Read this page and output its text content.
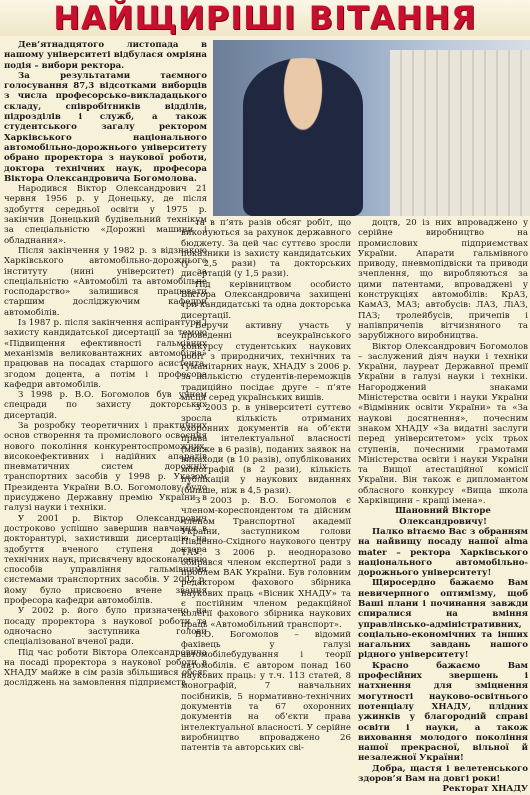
НАЙЩИРІШІ ВІТАННЯ

Дев’ятнадцятого листопада в нашому університеті відбулася омріяна подія – вибори ректора.

За результатами таємного голосування 87,3 відсотками виборців з числа професорсько-викладацького складу, співробітників відділів, підрозділів і служб, а також студентського загалу ректором Харківського національного автомобільно-дорожнього університету обрано проректора з наукової роботи, доктора технічних наук, професора Віктора Олександровича Богомолова.

Народився Віктор Олександрович 21 червня 1956 р. у Донецьку, де після здобуття середньої освіти у 1975 р. закінчив Донецький будівельний технікум за спеціальністю «Дорожні машини і обладнання».

Після закінчення у 1982 р. з відзнакою Харківського автомобільно-дорожнього інституту (нині університет) за спеціальністю «Автомобілі та автомобільне господарство» залишився працювати старшим досліджуючим кафедри автомобілів.

Із 1987 р. після закінчення аспірантури і захисту кандидатської дисертації за темою «Підвищення ефективності гальмівних механізмів великовантажних автомобілів» працював на посадах старшого асистента, згодом доцента, а потім і професора кафедри автомобілів.

З 1998 р. В.О. Богомолов був учнем спецради по захисту докторських дисертацій.

За розробку теоретичних і практичних основ створення та промислового освоєння нового покоління конкурентоспроможних, високоефективних і надійних апаратів пневматичних систем дорожніх транспортних засобів у 1998 р. Указом Президента України В.О. Богомолову було присуджено Державну премію України в галузі науки і техніки.

У 2001 р. Віктор Олександрович достроково успішно завершив навчання в докторантурі, захистивши дисертацію на здобуття вченого ступеня доктора технічних наук, присвячену вдосконаленню способів управління гальмівними системами транспортних засобів. У 2002 р. йому було присвоєно вчене звання професора кафедри автомобілів.

У 2002 р. його було призначено на посаду проректора з наукової роботи та одночасно заступника голови спеціалізованої вченої ради.

Під час роботи Віктора Олександровича на посаді проректора з наукової роботи в ХНАДУ майже в сім разів збільшився обсяг досліджень на замовлення підприємств

та в п’ять разів обсяг робіт, що виконуються за рахунок державного бюджету. За цей час суттєво зросли показники із захисту кандидатських (у 2,5 рази) та докторських дисертацій (у 1,5 рази).

Під керівництвом особисто Віктора Олександровича захищені три кандидатські та одна докторська дисертації.

Беручи активну участь у проведенні всеукраїнського конкурсу студентських наукових робіт з природничих, технічних та гуманітарних наук, ХНАДУ з 2006 р. за кількістю студентів-переможців традиційно посідає друге – п’яте місця серед українських вишів.

З 2003 р. в університеті суттєво зросла кількість отриманих охоронних документів на об’єкти права інтелектуальної власності (майже в 6 разів), поданих заявок на винаходи (в 10 разів), опублікованих монографій (в 2 рази), кількість публікацій у наукових виданнях (більше, ніж в 4,5 рази).

З 2003 р. В.О. Богомолов є членом-кореспондентом та дійсним членом Транспортної академії України, заступником голови Південно-Східного наукового центру ТАУ. З 2006 р. неодноразово обирався членом експертної ради з проблем ВАК України. Був головним редактором фахового збірника наукових праць «Вісник ХНАДУ» та є постійним членом редакційної колегії фахового збірника наукових праць «Автомобільний транспорт».

В.О. Богомолов – відомий фахівець у галузі автомобілебудування і теорії автомобілів. Є автором понад 160 наукових праць: у т.ч. 113 статей, 8 монографій, 7 навчальних посібників, 5 нормативно-технічних документів та 67 охоронних документів на об’єкти права інтелектуальної власності. У серійне виробництво впроваджено 26 патентів та авторських сві-

доцтв, 20 із них впроваджено у серійне виробництво на промислових підприємствах України. Апарати гальмівного приводу, пневмопідвіски та приводи зчеплення, що виробляються за цими патентами, впроваджені у конструкціях автомобілів: КрАЗ, КамАЗ, МАЗ; автобусів: ЛАЗ, ЛіАЗ, ПАЗ; тролейбусів, причепів і напівпричепів вітчизняного та зарубіжного виробництва.

Віктор Олександрович Богомолов – заслужений діяч науки і техніки України, лауреат Державної премії України в галузі науки і техніки. Нагороджений знаками Міністерства освіти і науки України «Відмінник освіти України» та «За наукові досягнення», почесним знаком ХНАДУ «За видатні заслуги перед університетом» усіх трьох ступенів, почесними грамотами Міністерства освіти і науки України та Вищої атестаційної комісії України. Він також є дипломантом обласного конкурсу «Вища школа Харківщини – кращі імена».

Шановний Вікторе Олександровичу!

Палко вітаємо Вас з обранням на найвищу посаду нашої alma mater – ректора Харківського національного автомобільно-дорожнього університету!

Щиросердно бажаємо Вам невичерпного оптимізму, щоб Ваші плани і починання завжди спиралися на вміння управлінсько-адміністративних, соціально-економічних та інших нагальних завдань нашого рідного університету!

Красно бажаємо Вам професійних звершень і натхнення для зміцнення могутності науково-освітнього потенціалу ХНАДУ, плідних ужинків у благородній справі освіти і науки, а також виховання молодого покоління нашої прекрасної, вільної й незалежної України!

Добра, щастя і велетенського здоров’я Вам на довгі роки!

Ректорат ХНАДУ
